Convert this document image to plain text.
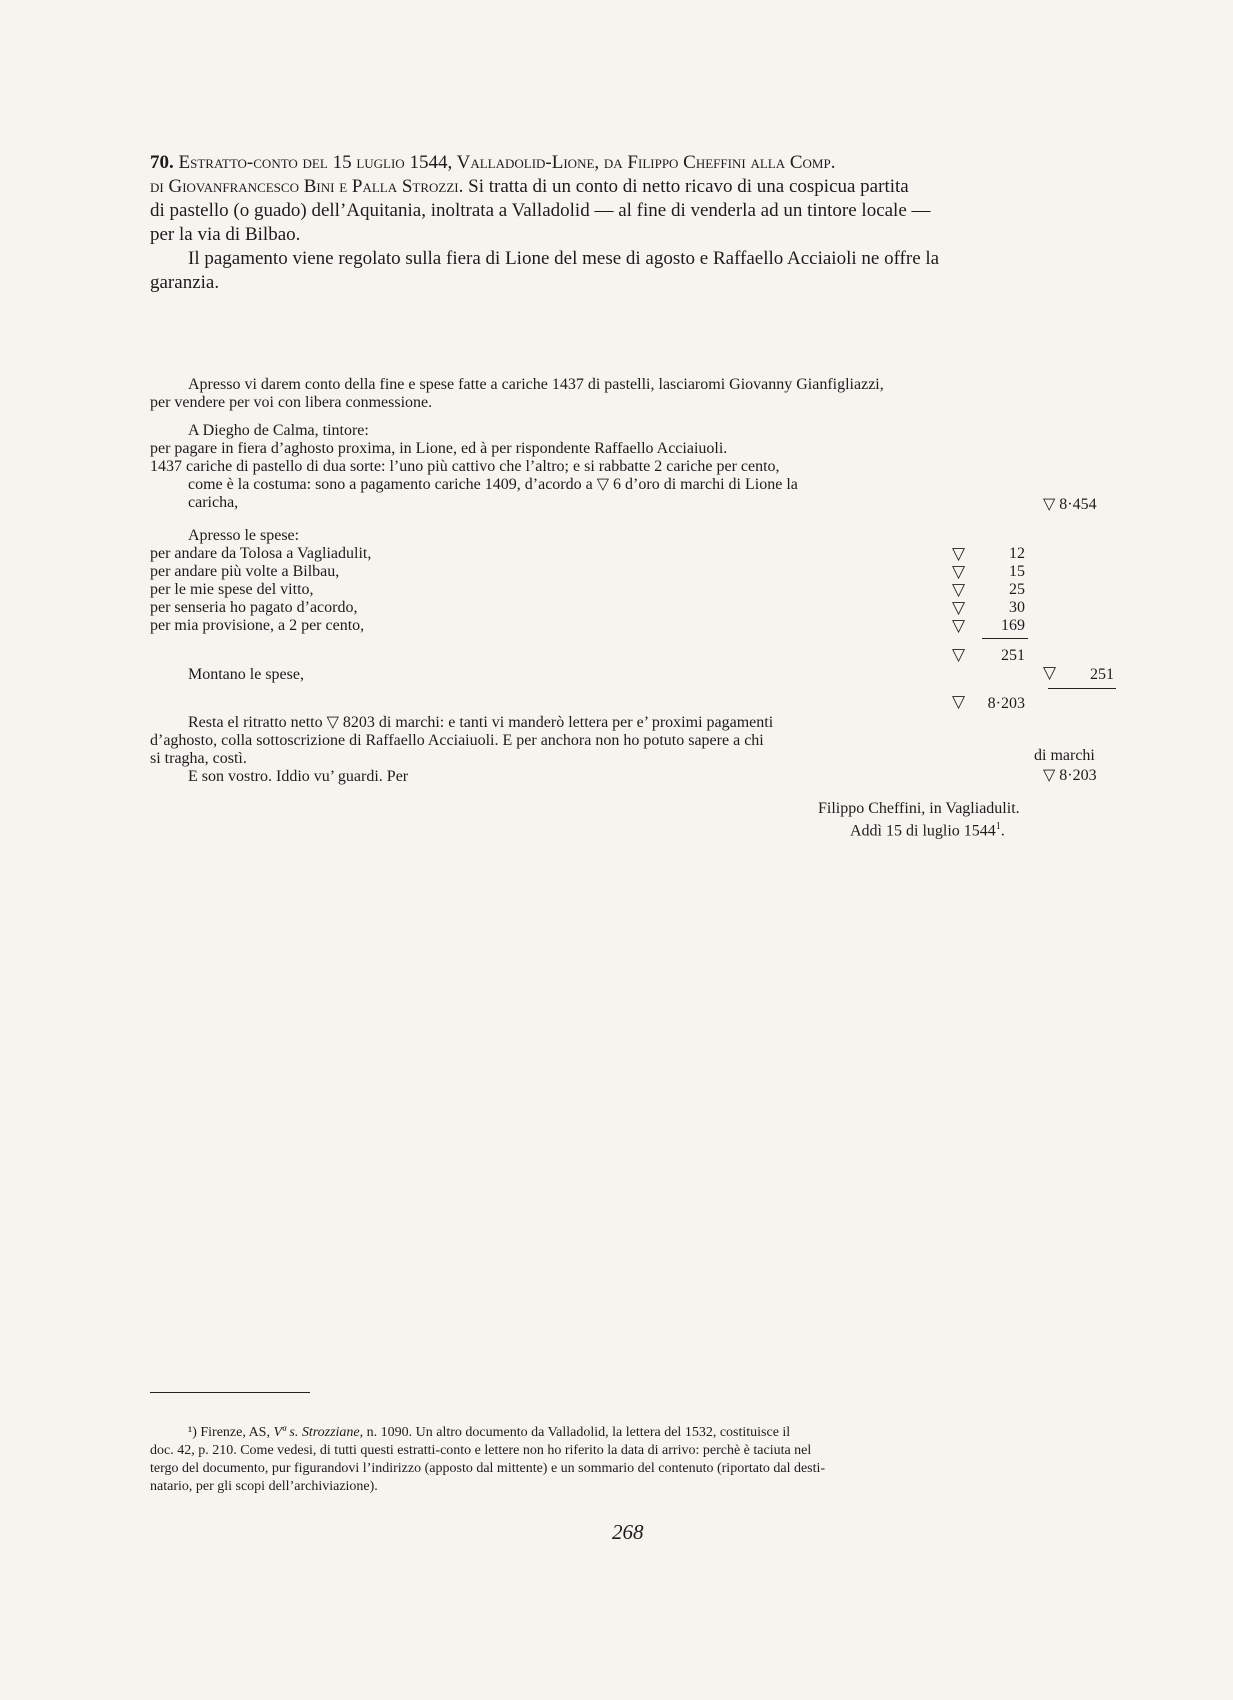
70. Estratto-conto del 15 luglio 1544, Valladolid-Lione, da Filippo Cheffini alla Comp.
di Giovanfrancesco Bini e Palla Strozzi. Si tratta di un conto di netto ricavo di una cospicua partita
di pastello (o guado) dell’Aquitania, inoltrata a Valladolid — al fine di venderla ad un tintore locale —
per la via di Bilbao.
Il pagamento viene regolato sulla fiera di Lione del mese di agosto e Raffaello Acciaioli ne offre la
garanzia.
Apresso vi darem conto della fine e spese fatte a cariche 1437 di pastelli, lasciaromi Giovanny Gianfigliazzi,
per vendere per voi con libera conmessione.
A Diegho de Calma, tintore:
per pagare in fiera d’aghosto proxima, in Lione, ed à per rispondente Raffaello Acciaiuoli.
1437 cariche di pastello di dua sorte: l’uno più cattivo che l’altro; e si rabbatte 2 cariche per cento,
come è la costuma: sono a pagamento cariche 1409, d’acordo a ▽ 6 d’oro di marchi di Lione la
caricha,	▽ 8·454
Apresso le spese:
per andare da Tolosa a Vagliadulit,	▽	12
per andare più volte a Bilbau,	▽	15
per le mie spese del vitto,	▽	25
per senseria ho pagato d’acordo,	▽	30
per mia provisione, a 2 per cento,	▽	169
▽	251
Montano le spese,	▽	251
▽	8·203
Resta el ritratto netto ▽ 8203 di marchi: e tanti vi manderò lettera per e’ proximi pagamenti
d’aghosto, colla sottoscrizione di Raffaello Acciaiuoli. E per anchora non ho potuto sapere a chi
si tragha, costì.
E son vostro. Iddio vu’ guardi. Per
di marchi
▽ 8·203
Filippo Cheffini, in Vagliadulit.
Addì 15 di luglio 1544$^1$.
¹) Firenze, AS, Vª s. Strozziane, n. 1090. Un altro documento da Valladolid, la lettera del 1532, costituisce il
doc. 42, p. 210. Come vedesi, di tutti questi estratti-conto e lettere non ho riferito la data di arrivo: perchè è taciuta nel
tergo del documento, pur figurandovi l’indirizzo (apposto dal mittente) e un sommario del contenuto (riportato dal desti-
natario, per gli scopi dell’archiviazione).
268
